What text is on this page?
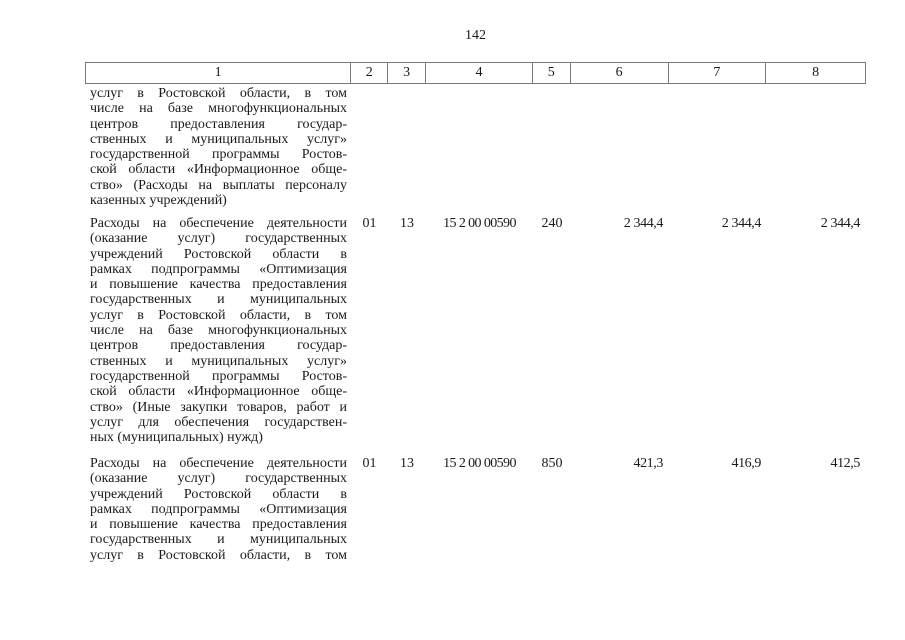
142
1	2	3	4	5	6	7	8
услуг в Ростовской области, в том
числе на базе многофункциональных
центров предоставления государ-
ственных и муниципальных услуг»
государственной программы Ростов-
ской области «Информационное обще-
ство» (Расходы на выплаты персоналу
казенных учреждений)
Расходы на обеспечение деятельности
(оказание услуг) государственных
учреждений Ростовской области в
рамках подпрограммы «Оптимизация
и повышение качества предоставления
государственных и муниципальных
услуг в Ростовской области, в том
числе на базе многофункциональных
центров предоставления государ-
ственных и муниципальных услуг»
государственной программы Ростов-
ской области «Информационное обще-
ство» (Иные закупки товаров, работ и
услуг для обеспечения государствен-
ных (муниципальных) нужд)
01	13	15 2 00 00590	240	2 344,4	2 344,4	2 344,4
Расходы на обеспечение деятельности
(оказание услуг) государственных
учреждений Ростовской области в
рамках подпрограммы «Оптимизация
и повышение качества предоставления
государственных и муниципальных
услуг в Ростовской области, в том
01	13	15 2 00 00590	850	421,3	416,9	412,5
